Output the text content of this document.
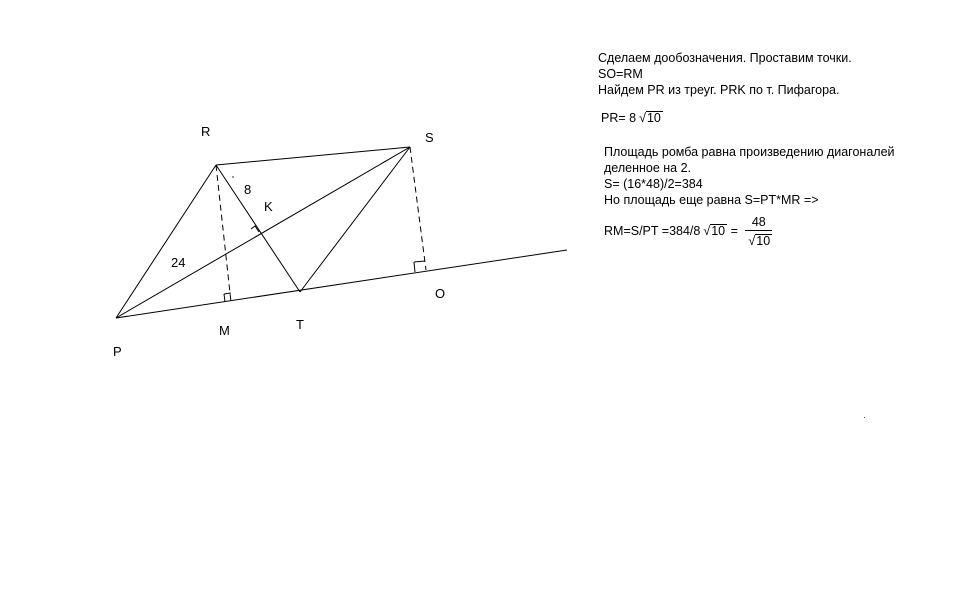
R	S
K
T
M
O
P
8
24
Сделаем дообозначения. Проставим точки.
SO=RM
Найдем PR из треуг. PRK по т. Пифагора.
PR= 8 √ 10
Площадь ромба равна произведению диагоналей
деленное на 2.
S= (16*48)/2=384
Но площадь еще равна S=PT*MR =>
RM=S/PT =384/8 √ 10 = 48
√ 10
